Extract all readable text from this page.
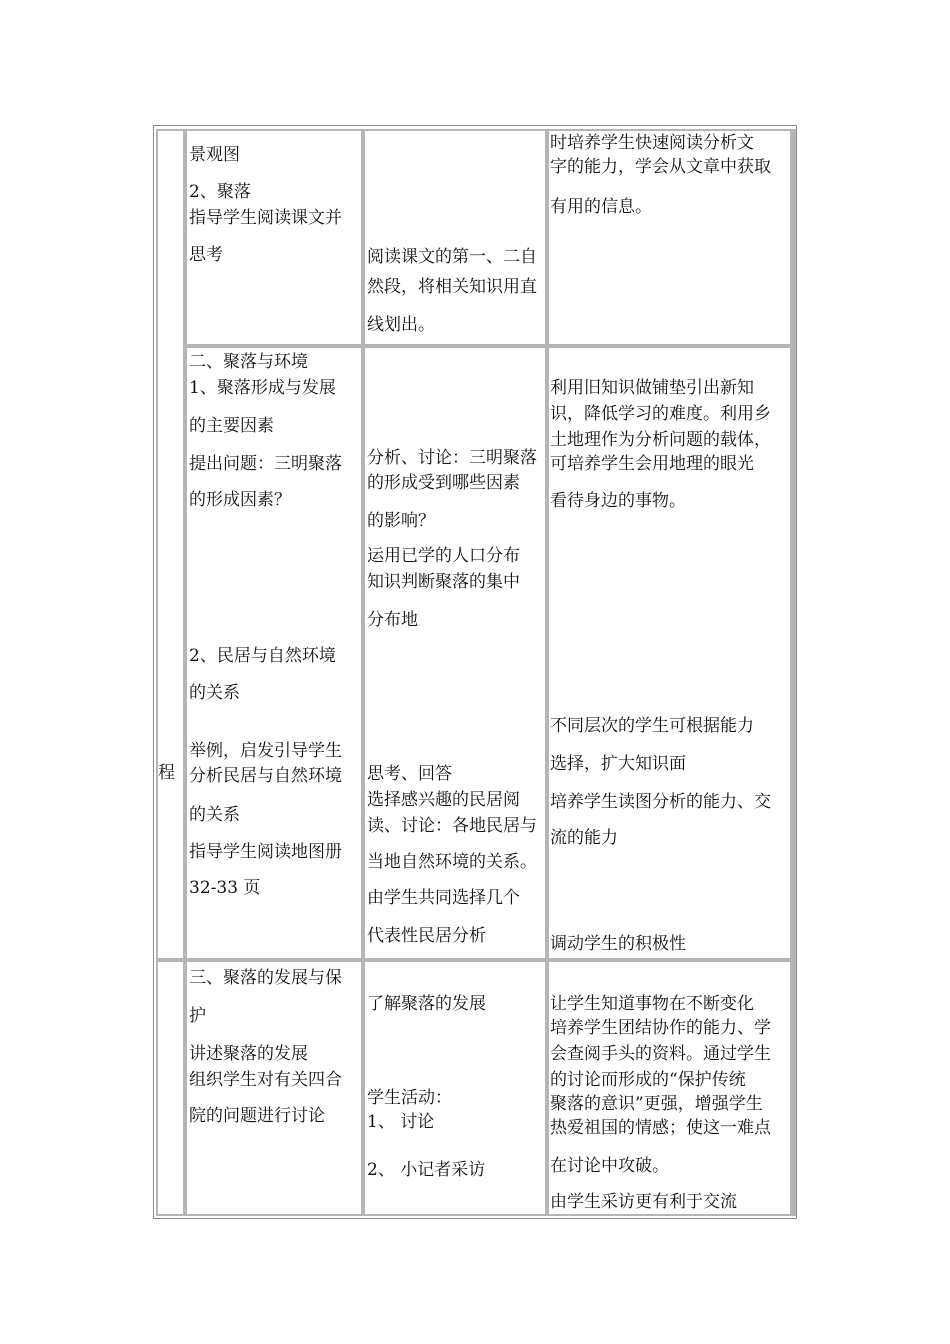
程
景观图
2、聚落
指导学生阅读课文并
思考	阅读课文的第一、二自
然段，将相关知识用直
线划出。
时培养学生快速阅读分析文
字的能力，学会从文章中获取
有用的信息。
二、聚落与环境
1、聚落形成与发展
的主要因素
提出问题：三明聚落
的形成因素？
2、民居与自然环境
的关系
举例，启发引导学生
分析民居与自然环境
的关系
指导学生阅读地图册
32-33 页
分析、讨论：三明聚落
的形成受到哪些因素
的影响？
运用已学的人口分布
知识判断聚落的集中
分布地
思考、回答
选择感兴趣的民居阅
读、讨论：各地民居与
当地自然环境的关系。
由学生共同选择几个
代表性民居分析
利用旧知识做铺垫引出新知
识，降低学习的难度。利用乡
土地理作为分析问题的载体，
可培养学生会用地理的眼光
看待身边的事物。
不同层次的学生可根据能力
选择，扩大知识面
培养学生读图分析的能力、交
流的能力
调动学生的积极性
三、聚落的发展与保
护
讲述聚落的发展
组织学生对有关四合
院的问题进行讨论
了解聚落的发展
学生活动：
1、 讨论
2、 小记者采访
让学生知道事物在不断变化
培养学生团结协作的能力、学
会查阅手头的资料。通过学生
的讨论而形成的“保护传统
聚落的意识”更强，增强学生
热爱祖国的情感；使这一难点
在讨论中攻破。
由学生采访更有利于交流
